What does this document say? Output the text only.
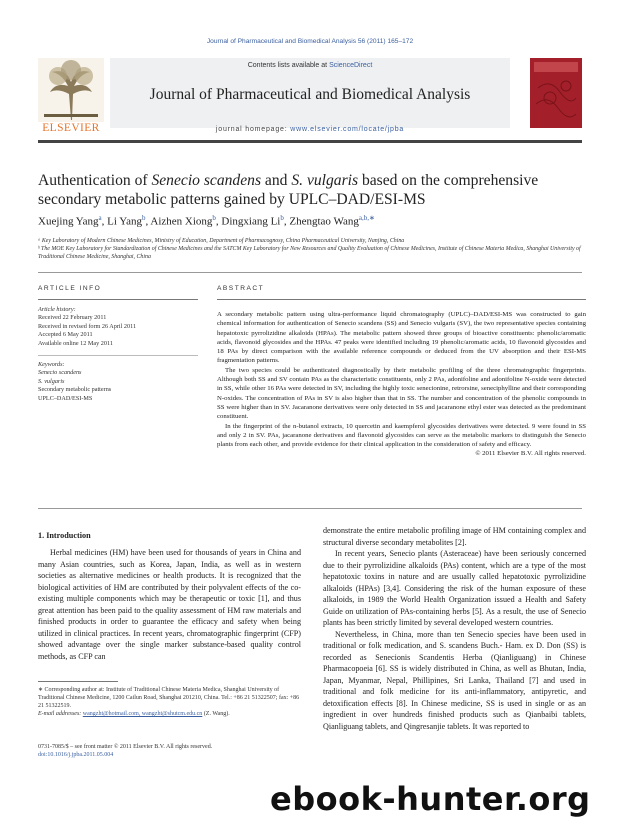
Journal of Pharmaceutical and Biomedical Analysis 56 (2011) 165–172
ELSEVIER
Contents lists available at ScienceDirect
Journal of Pharmaceutical and Biomedical Analysis
journal homepage: www.elsevier.com/locate/jpba
Authentication of Senecio scandens and S. vulgaris based on the comprehensive secondary metabolic patterns gained by UPLC–DAD/ESI-MS
Xuejing Yang$^a$, Li Yang$^b$, Aizhen Xiong$^b$, Dingxiang Li$^b$, Zhengtao Wang$^{a,b,∗}$
ᵃ Key Laboratory of Modern Chinese Medicines, Ministry of Education, Department of Pharmacognosy, China Pharmaceutical University, Nanjing, China
ᵇ The MOE Key Laboratory for Standardization of Chinese Medicines and the SATCM Key Laboratory for New Resources and Quality Evaluation of Chinese Medicines, Institute of Chinese Materia Medica, Shanghai University of Traditional Chinese Medicine, Shanghai, China
ARTICLE INFO
Article history:
Received 22 February 2011
Received in revised form 26 April 2011
Accepted 6 May 2011
Available online 12 May 2011
Keywords:
Senecio scandens
S. vulgaris
Secondary metabolic patterns
UPLC–DAD/ESI-MS
ABSTRACT

A secondary metabolic pattern using ultra-performance liquid chromatography (UPLC)–DAD/ESI-MS was constructed to gain chemical information for authentication of Senecio scandens (SS) and Senecio vulgaris (SV), the two representative species containing hepatotoxic pyrrolizidine alkaloids (HPAs). The metabolic pattern showed three groups of bioactive constituents: phenolic/aromatic acids, flavonoid glycosides and the HPAs. 47 peaks were identified including 19 phenolic/aromatic acids, 10 flavonoid glycosides and 18 PAs by direct comparison with the available reference compounds or deduced from the UV absorption and their ESI-MS fragmentation patterns.

The two species could be authenticated diagnostically by their metabolic profiling of the three chromatographic fingerprints. Although both SS and SV contain PAs as the characteristic constituents, only 2 PAs, adonifoline and adonifoline N-oxide were detected in SS, while other 16 PAs were detected in SV, including the highly toxic senecionine, retrorsine, seneciphylline and their corresponding N-oxides. The concentration of PAs in SV is also higher than that in SS. The number and concentration of the phenolic compounds in SS were higher than in SV. Jacaranone derivatives were only detected in SS and jacaranone ethyl ester was detected as the predominant constituent.

In the fingerprint of the n-butanol extracts, 10 quercetin and kaempferol glycosides derivatives were detected. 9 were found in SS and only 2 in SV. PAs, jacaranone derivatives and flavonoid glycosides can serve as the metabolic markers to distinguish the Senecio plants from each other, and provide evidence for their clinical application in the consideration of safety and efficacy.

© 2011 Elsevier B.V. All rights reserved.
1. Introduction

Herbal medicines (HM) have been used for thousands of years in China and many Asian countries, such as Korea, Japan, India, as well as in western societies as alternative medicines or health products. It is recognized that the biological activities of HM are contributed by their polyvalent effects of the co-existing multiple components which may be therapeutic or toxic [1], and thus great attention has been paid to the quality assessment of HM raw materials and finished products in order to guarantee the efficacy and safety when being utilized in clinical practices. In recent years, chromatographic fingerprint (CFP) showed advantage over the single marker substance-based quality control methods, as CFP can

demonstrate the entire metabolic profiling image of HM containing complex and structural diverse secondary metabolites [2].

In recent years, Senecio plants (Asteraceae) have been seriously concerned due to their pyrrolizidine alkaloids (PAs) content, which are a type of the most hepatotoxic toxins in nature and are usually called hepatotoxic pyrrolizidine alkaloids (HPAs) [3,4]. Considering the risk of the human exposure of these alkaloids, in 1989 the World Health Organization issued a Health and Safety Guide on utilization of PAs-containing herbs [5]. As a result, the use of Senecio plants has been strictly limited by several developed western countries.

Nevertheless, in China, more than ten Senecio species have been used in traditional or folk medication, and S. scandens Buch.- Ham. ex D. Don (SS) is recorded as Senecionis Scandentis Herba (Qianliguang) in Chinese Pharmacopoeia [6]. SS is widely distributed in China, as well as Bhutan, India, Japan, Myanmar, Nepal, Phillipines, Sri Lanka, Thailand [7] and used in traditional and folk medicine for its anti-inflammatory, antipyretic, and detoxification effects [8]. In Chinese medicine, SS is used in single or as an ingredient in over hundreds finished products such as Qianbaibi tablets, Qianliguang tablets, and Qingresanjie tablets. It was reported to

∗ Corresponding author at: Institute of Traditional Chinese Materia Medica, Shanghai University of Traditional Chinese Medicine, 1200 Cailun Road, Shanghai 201210, China. Tel.: +86 21 51322507; fax: +86 21 51322519.
E-mail addresses: wangzht@hotmail.com, wangzht@shutcm.edu.cn (Z. Wang).
0731-7085/$ – see front matter © 2011 Elsevier B.V. All rights reserved.
doi:10.1016/j.jpba.2011.05.004
ebook-hunter.org
